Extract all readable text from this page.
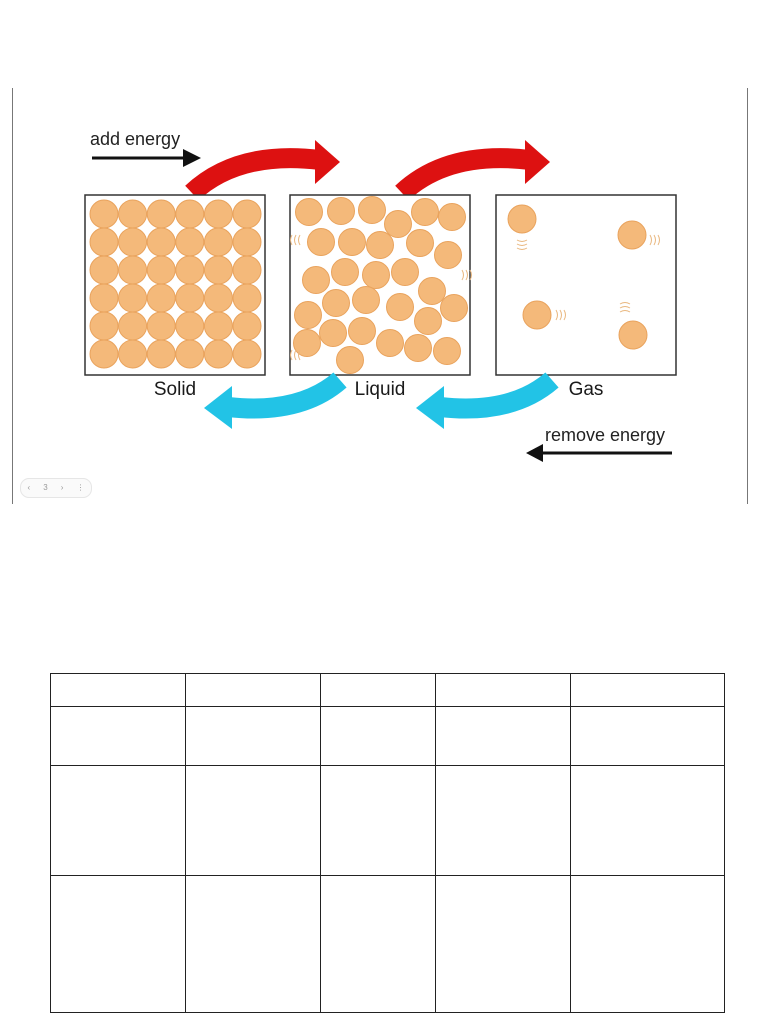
add energy
Solid	Liquid	Gas
remove energy
‹ 3 › ⋮
